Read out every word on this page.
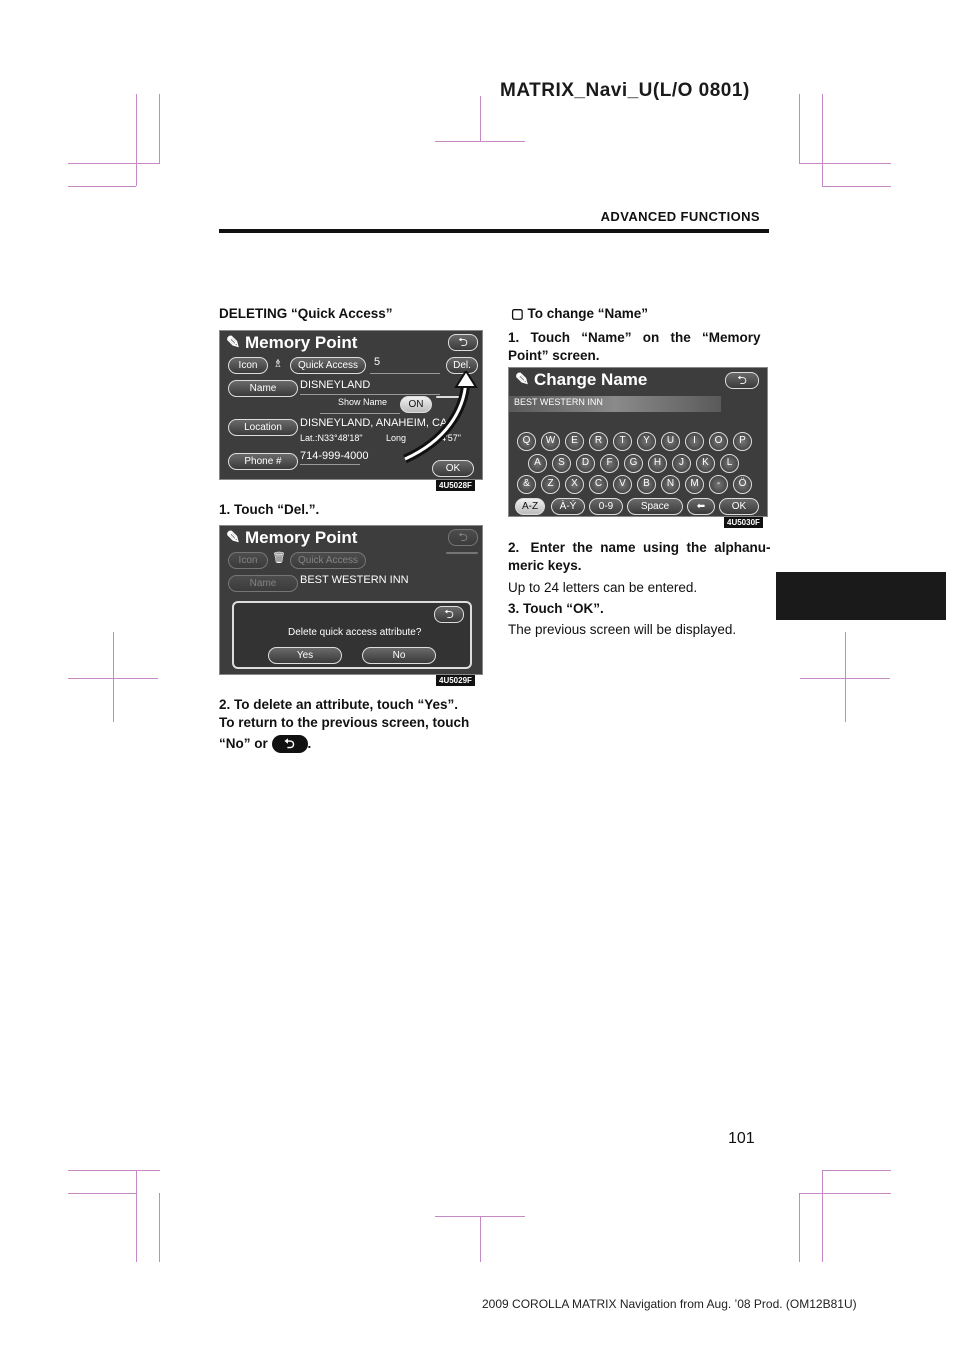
MATRIX_Navi_U(L/O 0801)
ADVANCED FUNCTIONS
DELETING “Quick Access”
✎ Memory Point	⮌
Icon	♗	Quick Access	5	Del.
Name	DISNEYLAND
Show Name	ON
Location	DISNEYLAND, ANAHEIM, CA
Lat.:N33°48'18"	Long	34'57"
Phone #	714-999-4000
OK
4U5028F
1. Touch “Del.”.
✎ Memory Point	⮌
Icon	🗑	Quick Access
Name	BEST WESTERN INN
⮌
Delete quick access attribute?
Yes	No
4U5029F
2. To delete an attribute, touch “Yes”.
To return to the previous screen, touch
“No” or ⮌ .
▢ To change “Name”
1.   Touch   “Name”   on   the   “Memory
Point” screen.
✎ Change Name	⮌
BEST WESTERN INN
A-Z	À-Ý	0-9	Space	⬅	OK
Q	W	E	R	T	Y	U	I	O	P
A	S	D	F	G	H	J	K	L
&	Z	X	C	V	B	N	M	-	Ö
4U5030F
2.   Enter  the  name  using  the  alphanu-
meric keys.
Up to 24 letters can be entered.
3. Touch “OK”.
The previous screen will be displayed.
101
2009 COROLLA MATRIX Navigation from Aug. ’08 Prod. (OM12B81U)
